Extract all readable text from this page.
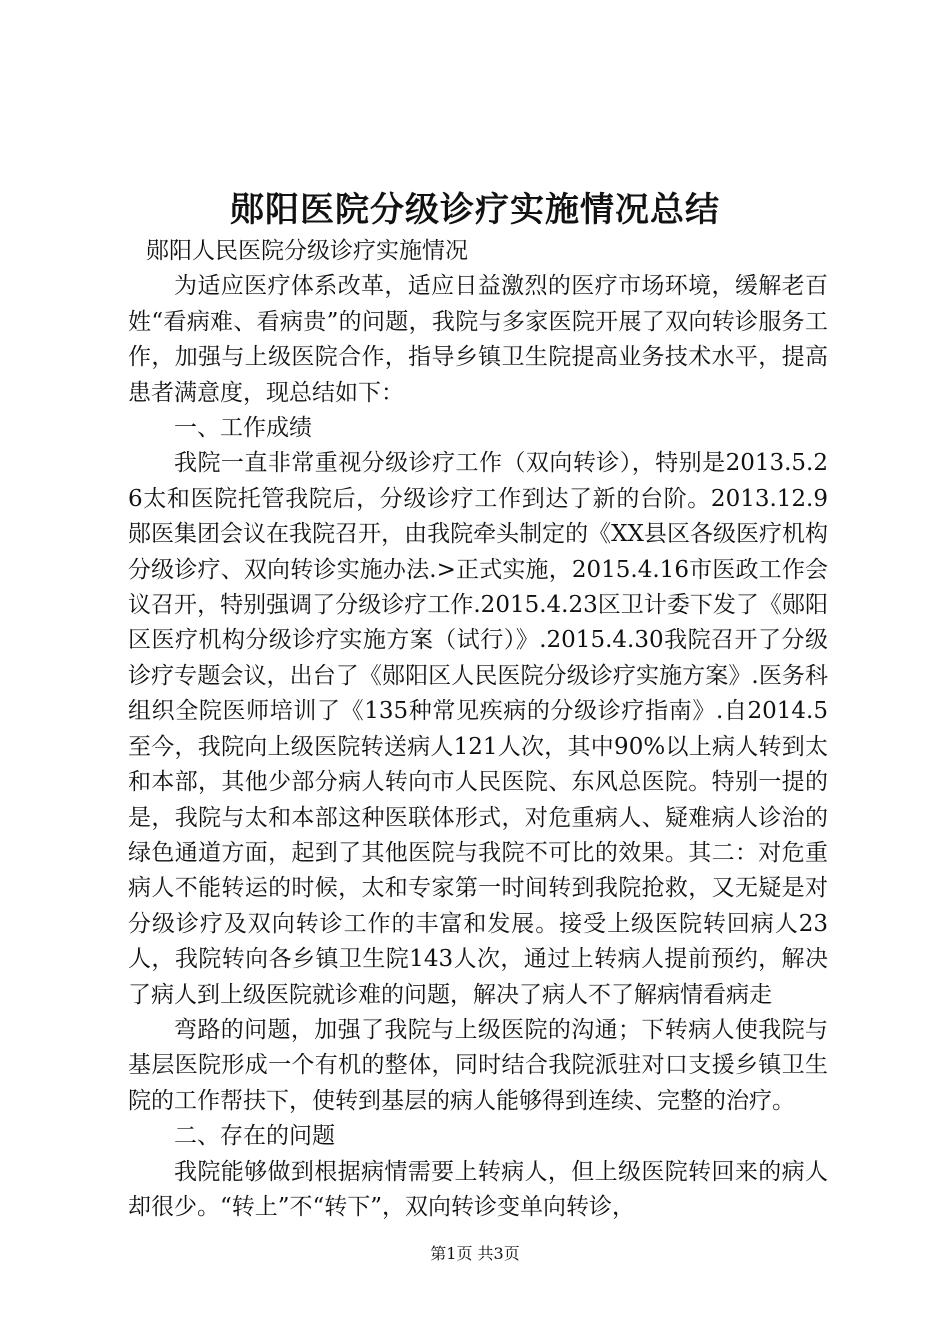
郧阳医院分级诊疗实施情况总结

郧阳人民医院分级诊疗实施情况

为适应医疗体系改革，适应日益激烈的医疗市场环境，缓解老百姓“看病难、看病贵”的问题，我院与多家医院开展了双向转诊服务工作，加强与上级医院合作，指导乡镇卫生院提高业务技术水平，提高患者满意度，现总结如下：

一、工作成绩

我院一直非常重视分级诊疗工作（双向转诊），特别是2013.5.26太和医院托管我院后，分级诊疗工作到达了新的台阶。2013.12.9郧医集团会议在我院召开，由我院牵头制定的《XX县区各级医疗机构分级诊疗、双向转诊实施办法.>正式实施，2015.4.16市医政工作会议召开，特别强调了分级诊疗工作.2015.4.23区卫计委下发了《郧阳区医疗机构分级诊疗实施方案（试行）》.2015.4.30我院召开了分级诊疗专题会议，出台了《郧阳区人民医院分级诊疗实施方案》.医务科组织全院医师培训了《135种常见疾病的分级诊疗指南》.自2014.5至今，我院向上级医院转送病人121人次，其中90%以上病人转到太和本部，其他少部分病人转向市人民医院、东风总医院。特别一提的是，我院与太和本部这种医联体形式，对危重病人、疑难病人诊治的绿色通道方面，起到了其他医院与我院不可比的效果。其二：对危重病人不能转运的时候，太和专家第一时间转到我院抢救，又无疑是对分级诊疗及双向转诊工作的丰富和发展。接受上级医院转回病人23人，我院转向各乡镇卫生院143人次，通过上转病人提前预约，解决了病人到上级医院就诊难的问题，解决了病人不了解病情看病走

弯路的问题，加强了我院与上级医院的沟通；下转病人使我院与基层医院形成一个有机的整体，同时结合我院派驻对口支援乡镇卫生院的工作帮扶下，使转到基层的病人能够得到连续、完整的治疗。

二、存在的问题

我院能够做到根据病情需要上转病人，但上级医院转回来的病人却很少。“转上”不“转下”，双向转诊变单向转诊，

第1页 共3页
